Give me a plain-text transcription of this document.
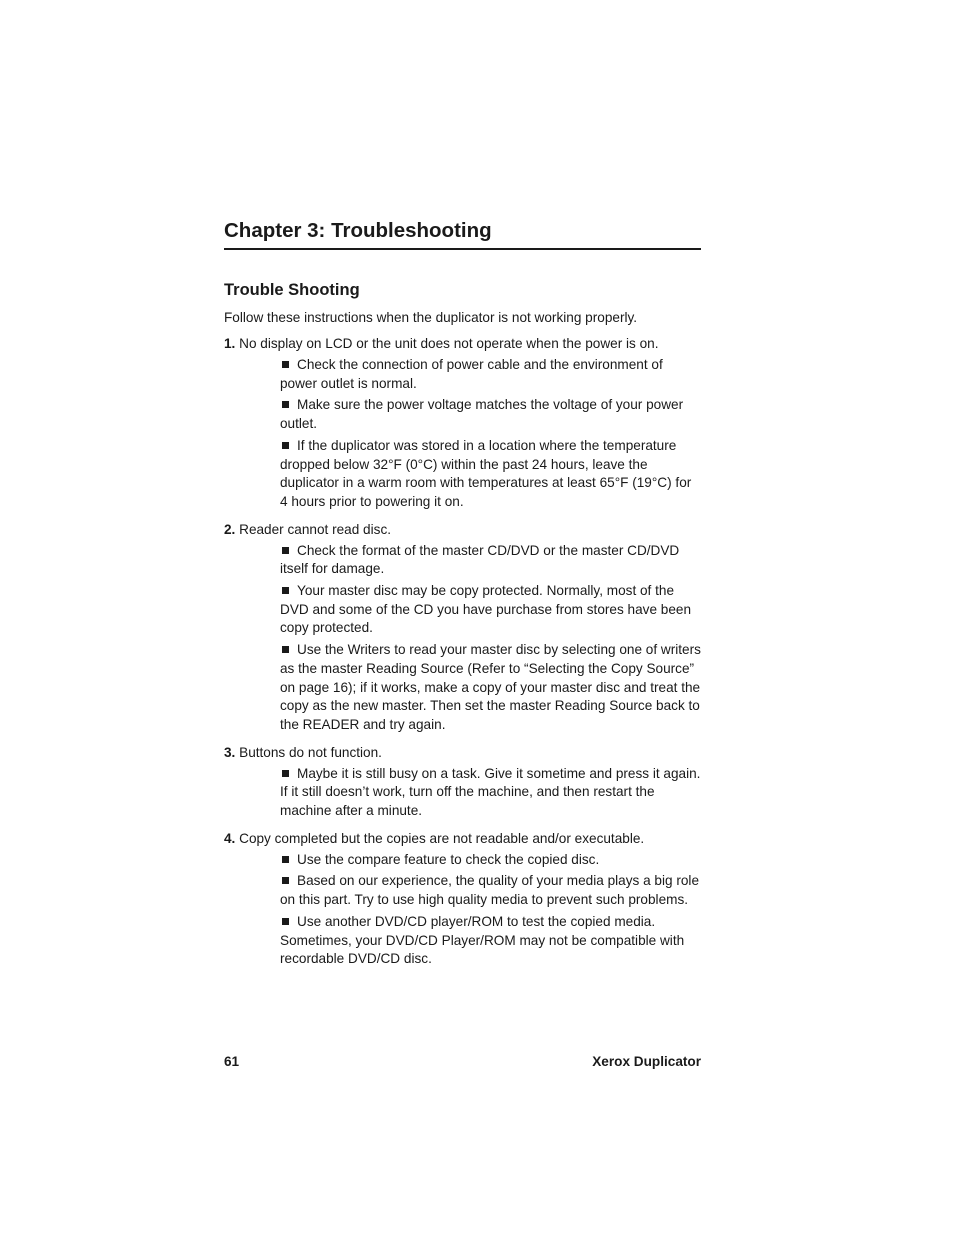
Chapter 3: Troubleshooting
Trouble Shooting

Follow these instructions when the duplicator is not working properly.

1. No display on LCD or the unit does not operate when the power is on.

Check the connection of power cable and the environment of power outlet is normal.

Make sure the power voltage matches the voltage of your power outlet.

If the duplicator was stored in a location where the temperature dropped below 32°F (0°C) within the past 24 hours, leave the duplicator in a warm room with temperatures at least 65°F (19°C) for 4 hours prior to powering it on.

2. Reader cannot read disc.

Check the format of the master CD/DVD or the master CD/DVD itself for damage.

Your master disc may be copy protected. Normally, most of the DVD and some of the CD you have purchase from stores have been copy protected.

Use the Writers to read your master disc by selecting one of writers as the master Reading Source (Refer to “Selecting the Copy Source” on page 16); if it works, make a copy of your master disc and treat the copy as the new master. Then set the master Reading Source back to the READER and try again.

3. Buttons do not function.

Maybe it is still busy on a task. Give it sometime and press it again. If it still doesn’t work, turn off the machine, and then restart the machine after a minute.

4. Copy completed but the copies are not readable and/or executable.

Use the compare feature to check the copied disc.

Based on our experience, the quality of your media plays a big role on this part. Try to use high quality media to prevent such problems.

Use another DVD/CD player/ROM to test the copied media. Sometimes, your DVD/CD Player/ROM may not be compatible with recordable DVD/CD disc.

61	Xerox Duplicator
